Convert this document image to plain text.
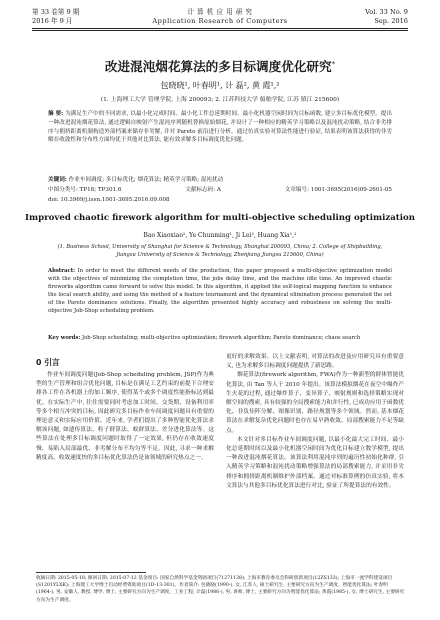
第 33 卷第 9 期
2016 年 9 月
计 算 机 应 用 研 究
Application Research of Computers
Vol. 33 No. 9
Sep. 2016
改进混沌烟花算法的多目标调度优化研究*
包晓晓¹, 叶春明¹, 计 磊², 黄 霞¹,²
(1. 上海理工大学 管理学院, 上海 200093; 2. 江苏科技大学 船舶学院, 江苏 镇江 215600)
摘 要: 为满足生产中的不同需求, 以最小化完成时间、最小化工件总延期时间、最小化机器空闲时间为目标函数, 建立多目标优化模型。提出一种改进混沌烟花算法, 通过逻辑自映射产生混沌序列随机替换原始烟花, 并设计了一种相应的精英学习策略以及混沌扰动策略, 结合非劣排序与拥挤距离机制构造外部档案来储存非劣解, 并对 Pareto 前沿进行分析。通过仿真实验对算法性能进行验证, 结果表明该算法获得的非劣解在收敛性和分布性方面均优于其他对比算法, 能有效求解多目标调度优化问题。
关键词: 作业车间调度; 多目标优化; 烟花算法; 精英学习策略; 混沌扰动
中图分类号: TP18; TP301.6	文献标志码: A	文章编号: 1001-3695(2016)09-2601-05
doi: 10.3969/j.issn.1001-3695.2016.09.008
Improved chaotic firework algorithm for multi-objective scheduling optimization
Bao Xiaoxiao¹, Ye Chunming¹, Ji Lei², Huang Xia¹,²
(1. Business School, University of Shanghai for Science & Technology, Shanghai 200093, China; 2. College of Shipbuilding, Jiangsu University of Science & Technology, Zhenjiang Jiangsu 215600, China)
Abstract: In order to meet the different needs of the production, this paper proposed a multi-objective optimization model with the objectives of minimizing the completion time, the jobs delay time, and the machine idle time. An improved chaotic fireworks algorithm came forward to solve this model. In this algorithm, it applied the self-logical mapping function to enhance the local search ability, and using the method of a feature tournament and the dynamical elimination process generated the set of the Pareto dominance solutions. Finally, the algorithm presented highly accuracy and robustness on solving the multi-objective Job-Shop scheduling problem.
Key words: Job-Shop scheduling; multi-objective optimization; firework algorithm; Pareto dominance; chaos search
0 引言
作业车间调度问题(Job-Shop scheduling problem, JSP)作为典型的生产管理和组合优化问题, 目标是在满足工艺约束的前提下合理安排各工件在各机器上的加工顺序, 使得某个或多个调度性能指标达到最优。在实际生产中, 往往需要同时考虑加工时间、交货期、设备利用率等多个相互冲突的目标, 因此研究多目标作业车间调度问题具有重要的理论意义和实际应用价值。近年来, 学者们提出了多种智能优化算法求解该问题, 如遗传算法、粒子群算法、蚁群算法、差分进化算法等。这些算法在处理多目标调度问题时取得了一定效果, 但仍存在收敛速度慢、易陷入局部最优、非劣解分布不均匀等不足。因此, 寻求一种求解精度高、收敛速度快的多目标优化算法仍是该领域的研究热点之一。

更好的求解效果。以上文献表明, 对算法的改进及应用研究具有重要意义, 也为求解多目标调度问题提供了新思路。

烟花算法(firework algorithm, FWA)作为一种新型的群体智能优化算法, 由 Tan 等人于 2010 年提出。该算法模拟烟花在夜空中爆炸产生火花的过程, 通过爆炸算子、变异算子、映射规则和选择策略实现对解空间的搜索, 具有较强的全局搜索能力和并行性, 已成功应用于函数优化、非负矩阵分解、图像识别、路径规划等多个领域。然而, 基本烟花算法在求解复杂优化问题时也存在易早熟收敛、局部搜索能力不足等缺点。

本文针对多目标作业车间调度问题, 以最小化最大完工时间、最小化总延期时间以及最小化机器空闲时间为优化目标建立数学模型, 提出一种改进混沌烟花算法。该算法利用混沌序列的遍历性初始化种群, 引入精英学习策略和混沌扰动策略增强算法的局部搜索能力, 并采用非劣排序和拥挤距离机制维护外部档案。通过对标准算例的仿真实验, 将本文算法与其他多目标优化算法进行对比, 验证了所提算法的有效性。

收稿日期: 2015-05-18; 修回日期: 2015-07-12 基金项目: 国家自然科学基金资助项目(71271138); 上海市教育委员会科研创新项目(12ZS133); 上海市一流学科建设项目(S1201YLXK); 上海理工大学博士启动经费资助项目(1D-13-301)。作者简介: 包晓晓(1990-), 女, 江苏人, 硕士研究生, 主要研究方向为生产调度、智能优化算法; 叶春明(1964-), 男, 安徽人, 教授, 博导, 博士, 主要研究方向为生产调度、工业工程; 计磊(1986-), 男, 讲师, 博士, 主要研究方向为智能优化算法; 黄霞(1985-), 女, 博士研究生, 主要研究方向为生产调度。
